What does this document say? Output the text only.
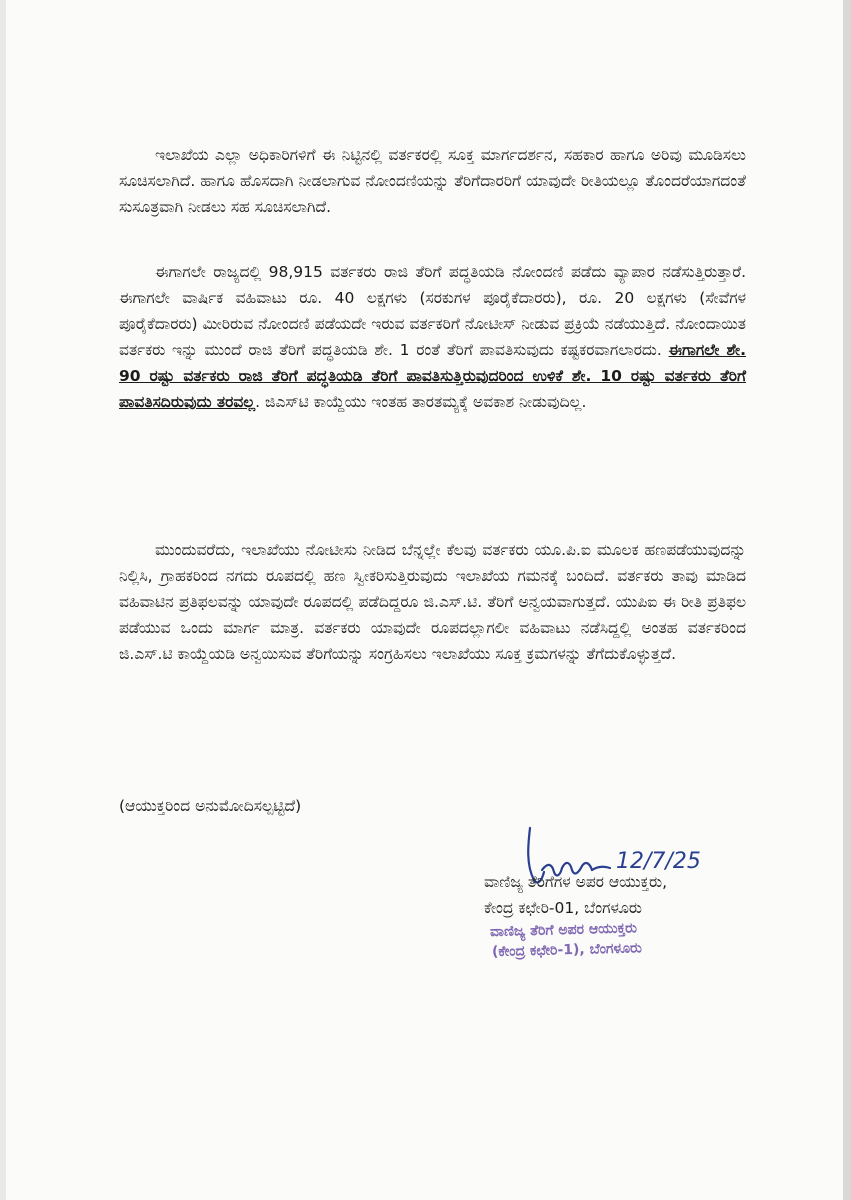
ಇಲಾಖೆಯ ಎಲ್ಲಾ ಅಧಿಕಾರಿಗಳಿಗೆ ಈ ನಿಟ್ಟಿನಲ್ಲಿ ವರ್ತಕರಲ್ಲಿ ಸೂಕ್ತ ಮಾರ್ಗದರ್ಶನ, ಸಹಕಾರ ಹಾಗೂ ಅರಿವು ಮೂಡಿಸಲು ಸೂಚಿಸಲಾಗಿದೆ. ಹಾಗೂ ಹೊಸದಾಗಿ ನೀಡಲಾಗುವ ನೋಂದಣಿಯನ್ನು ತೆರಿಗೆದಾರರಿಗೆ ಯಾವುದೇ ರೀತಿಯಲ್ಲೂ ತೊಂದರೆಯಾಗದಂತೆ ಸುಸೂತ್ರವಾಗಿ ನೀಡಲು ಸಹ ಸೂಚಿಸಲಾಗಿದೆ.

ಈಗಾಗಲೇ ರಾಜ್ಯದಲ್ಲಿ 98,915 ವರ್ತಕರು ರಾಜಿ ತೆರಿಗೆ ಪದ್ಧತಿಯಡಿ ನೋಂದಣಿ ಪಡೆದು ವ್ಯಾಪಾರ ನಡೆಸುತ್ತಿರುತ್ತಾರೆ. ಈಗಾಗಲೇ ವಾರ್ಷಿಕ ವಹಿವಾಟು ರೂ. 40 ಲಕ್ಷಗಳು (ಸರಕುಗಳ ಪೂರೈಕೆದಾರರು), ರೂ. 20 ಲಕ್ಷಗಳು (ಸೇವೆಗಳ ಪೂರೈಕೆದಾರರು) ಮೀರಿರುವ ನೋಂದಣಿ ಪಡೆಯದೇ ಇರುವ ವರ್ತಕರಿಗೆ ನೋಟೀಸ್ ನೀಡುವ ಪ್ರಕ್ರಿಯೆ ನಡೆಯುತ್ತಿದೆ. ನೋಂದಾಯಿತ ವರ್ತಕರು ಇನ್ನು ಮುಂದೆ ರಾಜಿ ತೆರಿಗೆ ಪದ್ಧತಿಯಡಿ ಶೇ. 1 ರಂತೆ ತೆರಿಗೆ ಪಾವತಿಸುವುದು ಕಷ್ಟಕರವಾಗಲಾರದು. ಈಗಾಗಲೇ ಶೇ. 90 ರಷ್ಟು ವರ್ತಕರು ರಾಜಿ ತೆರಿಗೆ ಪದ್ಧತಿಯಡಿ ತೆರಿಗೆ ಪಾವತಿಸುತ್ತಿರುವುದರಿಂದ ಉಳಿಕೆ ಶೇ. 10 ರಷ್ಟು ವರ್ತಕರು ತೆರಿಗೆ ಪಾವತಿಸದಿರುವುದು ತರವಲ್ಲ. ಜಿಎಸ್‌ಟಿ ಕಾಯ್ದೆಯು ಇಂತಹ ತಾರತಮ್ಯಕ್ಕೆ ಅವಕಾಶ ನೀಡುವುದಿಲ್ಲ.

ಮುಂದುವರೆದು, ಇಲಾಖೆಯು ನೋಟೀಸು ನೀಡಿದ ಬೆನ್ನಲ್ಲೇ ಕೆಲವು ವರ್ತಕರು ಯೂ.ಪಿ.ಐ ಮೂಲಕ ಹಣಪಡೆಯುವುದನ್ನು ನಿಲ್ಲಿಸಿ, ಗ್ರಾಹಕರಿಂದ ನಗದು ರೂಪದಲ್ಲಿ ಹಣ ಸ್ವೀಕರಿಸುತ್ತಿರುವುದು ಇಲಾಖೆಯ ಗಮನಕ್ಕೆ ಬಂದಿದೆ. ವರ್ತಕರು ತಾವು ಮಾಡಿದ ವಹಿವಾಟಿನ ಪ್ರತಿಫಲವನ್ನು ಯಾವುದೇ ರೂಪದಲ್ಲಿ ಪಡೆದಿದ್ದರೂ ಜಿ.ಎಸ್.ಟಿ. ತೆರಿಗೆ ಅನ್ವಯವಾಗುತ್ತದೆ. ಯುಪಿಐ ಈ ರೀತಿ ಪ್ರತಿಫಲ ಪಡೆಯುವ ಒಂದು ಮಾರ್ಗ ಮಾತ್ರ. ವರ್ತಕರು ಯಾವುದೇ ರೂಪದಲ್ಲಾಗಲೀ ವಹಿವಾಟು ನಡೆಸಿದ್ದಲ್ಲಿ ಅಂತಹ ವರ್ತಕರಿಂದ ಜಿ.ಎಸ್.ಟಿ ಕಾಯ್ದೆಯಡಿ ಅನ್ವಯಿಸುವ ತೆರಿಗೆಯನ್ನು ಸಂಗ್ರಹಿಸಲು ಇಲಾಖೆಯು ಸೂಕ್ತ ಕ್ರಮಗಳನ್ನು ತೆಗೆದುಕೊಳ್ಳುತ್ತದೆ.

(ಆಯುಕ್ತರಿಂದ ಅನುಮೋದಿಸಲ್ಪಟ್ಟಿದೆ)

12/7/25

ವಾಣಿಜ್ಯ ತೆರಿಗೆಗಳ ಅಪರ ಆಯುಕ್ತರು,

ಕೇಂದ್ರ ಕಛೇರಿ-01, ಬೆಂಗಳೂರು

ವಾಣಿಜ್ಯ ತೆರಿಗೆ ಅಪರ ಆಯುಕ್ತರು
(ಕೇಂದ್ರ ಕಛೇರಿ-1), ಬೆಂಗಳೂರು
